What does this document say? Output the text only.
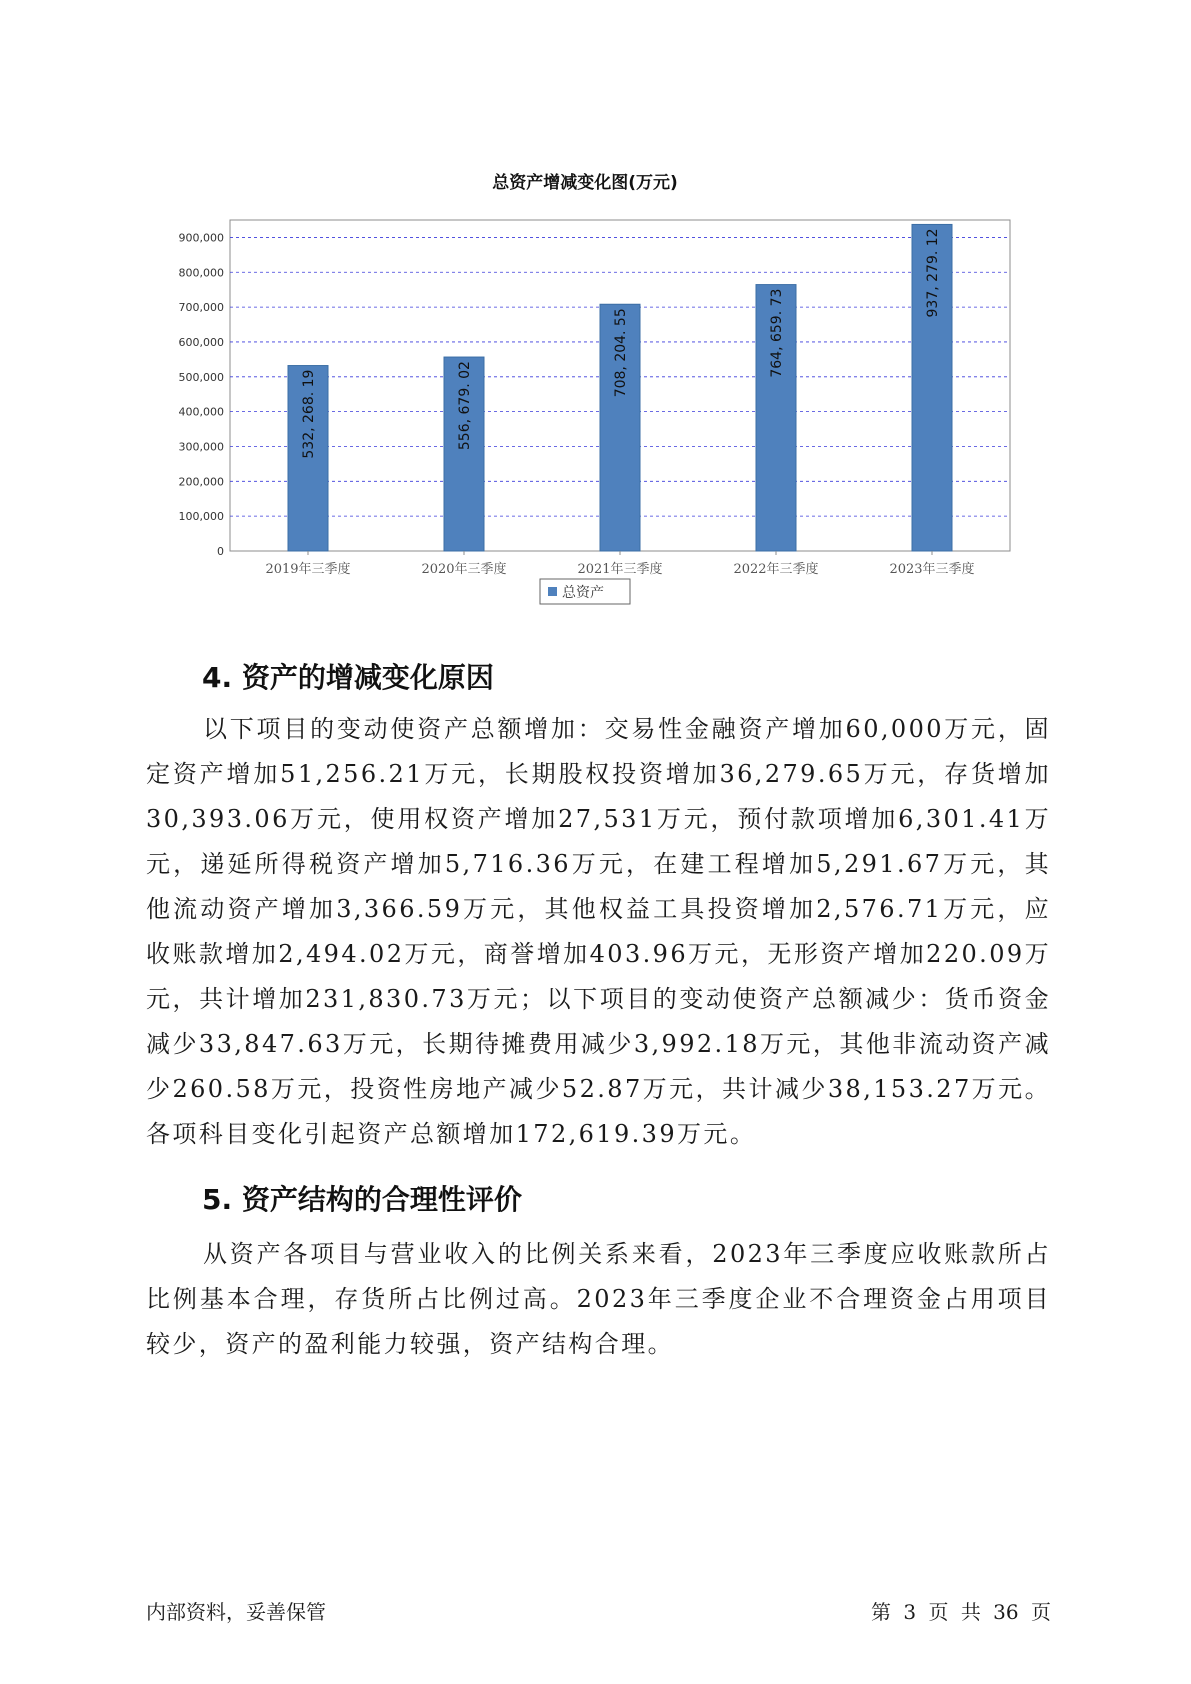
总资产增减变化图(万元)
0
100,000
200,000
300,000
400,000
500,000
600,000
700,000
800,000
900,000
532, 268. 19
2019年三季度
556, 679. 02
2020年三季度
708, 204. 55
2021年三季度
764, 659. 73
2022年三季度
937, 279. 12
2023年三季度
总资产
4. 资产的增减变化原因

以下项目的变动使资产总额增加：交易性金融资产增加60,000万元，固定资产增加51,256.21万元，长期股权投资增加36,279.65万元，存货增加30,393.06万元，使用权资产增加27,531万元，预付款项增加6,301.41万元，递延所得税资产增加5,716.36万元，在建工程增加5,291.67万元，其他流动资产增加3,366.59万元，其他权益工具投资增加2,576.71万元，应收账款增加2,494.02万元，商誉增加403.96万元，无形资产增加220.09万元，共计增加231,830.73万元；以下项目的变动使资产总额减少：货币资金减少33,847.63万元，长期待摊费用减少3,992.18万元，其他非流动资产减少260.58万元，投资性房地产减少52.87万元，共计减少38,153.27万元。各项科目变化引起资产总额增加172,619.39万元。

5. 资产结构的合理性评价

从资产各项目与营业收入的比例关系来看，2023年三季度应收账款所占比例基本合理，存货所占比例过高。2023年三季度企业不合理资金占用项目较少，资产的盈利能力较强，资产结构合理。

内部资料，妥善保管	第 3 页 共 36 页
